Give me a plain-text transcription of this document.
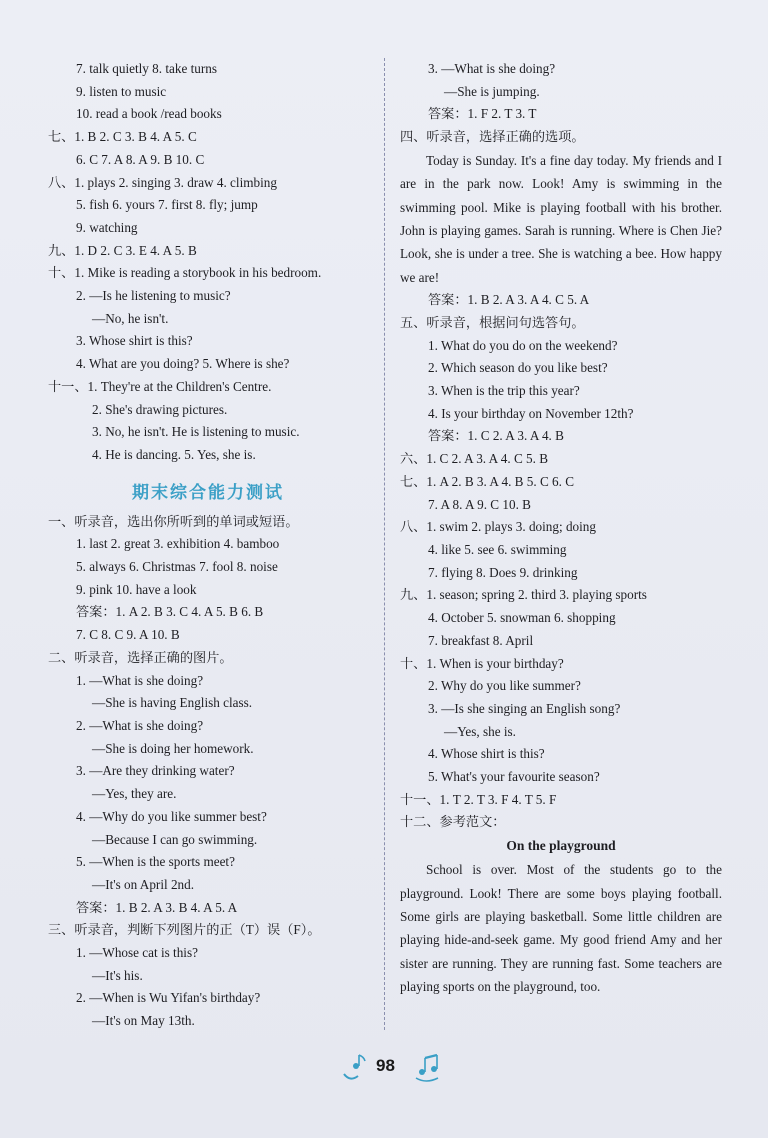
7. talk quietly 8. take turns
9. listen to music
10. read a book /read books
七、1. B 2. C 3. B 4. A 5. C
6. C 7. A 8. A 9. B 10. C
八、1. plays 2. singing 3. draw 4. climbing
5. fish 6. yours 7. first 8. fly; jump
9. watching
九、1. D 2. C 3. E 4. A 5. B
十、1. Mike is reading a storybook in his bedroom.
2. —Is he listening to music?
—No, he isn't.
3. Whose shirt is this?
4. What are you doing? 5. Where is she?
十一、1. They're at the Children's Centre.
2. She's drawing pictures.
3. No, he isn't. He is listening to music.
4. He is dancing. 5. Yes, she is.
期末综合能力测试
一、听录音，选出你所听到的单词或短语。
1. last 2. great 3. exhibition 4. bamboo
5. always 6. Christmas 7. fool 8. noise
9. pink 10. have a look
答案：1. A 2. B 3. C 4. A 5. B 6. B
7. C 8. C 9. A 10. B
二、听录音，选择正确的图片。
1. —What is she doing?
—She is having English class.
2. —What is she doing?
—She is doing her homework.
3. —Are they drinking water?
—Yes, they are.
4. —Why do you like summer best?
—Because I can go swimming.
5. —When is the sports meet?
—It's on April 2nd.
答案：1. B 2. A 3. B 4. A 5. A
三、听录音，判断下列图片的正（T）误（F）。
1. —Whose cat is this?
—It's his.
2. —When is Wu Yifan's birthday?
—It's on May 13th.
3. —What is she doing?
—She is jumping.
答案：1. F 2. T 3. T
四、听录音，选择正确的选项。
Today is Sunday. It's a fine day today. My friends and I are in the park now. Look! Amy is swimming in the swimming pool. Mike is playing football with his brother. John is playing games. Sarah is running. Where is Chen Jie? Look, she is under a tree. She is watching a bee. How happy we are!
答案：1. B 2. A 3. A 4. C 5. A
五、听录音，根据问句选答句。
1. What do you do on the weekend?
2. Which season do you like best?
3. When is the trip this year?
4. Is your birthday on November 12th?
答案：1. C 2. A 3. A 4. B
六、1. C 2. A 3. A 4. C 5. B
七、1. A 2. B 3. A 4. B 5. C 6. C
7. A 8. A 9. C 10. B
八、1. swim 2. plays 3. doing; doing
4. like 5. see 6. swimming
7. flying 8. Does 9. drinking
九、1. season; spring 2. third 3. playing sports
4. October 5. snowman 6. shopping
7. breakfast 8. April
十、1. When is your birthday?
2. Why do you like summer?
3. —Is she singing an English song?
—Yes, she is.
4. Whose shirt is this?
5. What's your favourite season?
十一、1. T 2. T 3. F 4. T 5. F
十二、参考范文：
On the playground
School is over. Most of the students go to the playground. Look! There are some boys playing football. Some girls are playing basketball. Some little children are playing hide-and-seek game. My good friend Amy and her sister are running. They are running fast. Some teachers are playing sports on the playground, too.
98
